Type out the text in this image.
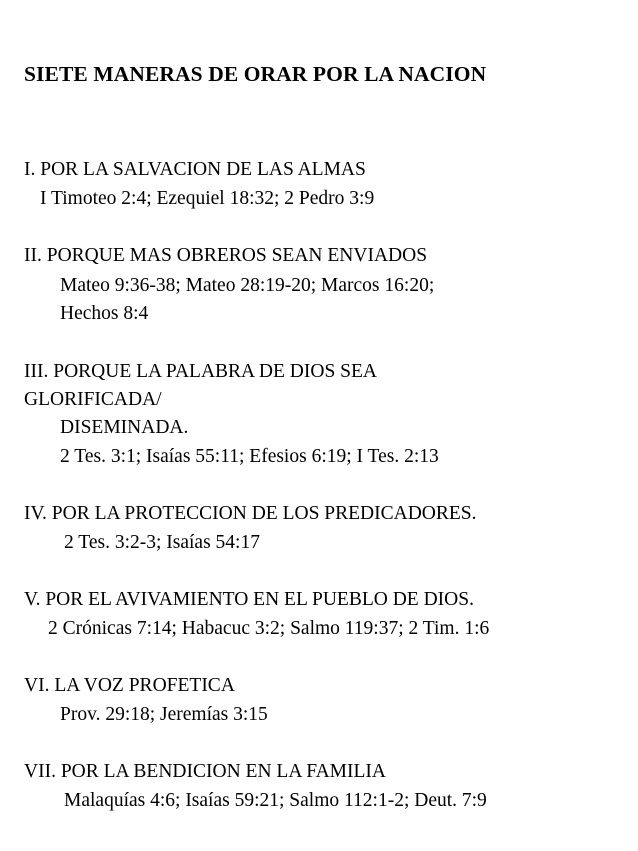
SIETE MANERAS DE ORAR POR LA NACION
I. POR LA SALVACION DE LAS ALMAS
I Timoteo 2:4; Ezequiel 18:32; 2 Pedro 3:9
II. PORQUE MAS OBREROS SEAN ENVIADOS
Mateo 9:36-38; Mateo 28:19-20; Marcos 16:20;
Hechos 8:4
III. PORQUE LA PALABRA DE DIOS SEA
GLORIFICADA/
DISEMINADA.
2 Tes. 3:1; Isaías 55:11; Efesios 6:19; I Tes. 2:13
IV. POR LA PROTECCION DE LOS PREDICADORES.
2 Tes. 3:2-3; Isaías 54:17
V. POR EL AVIVAMIENTO EN EL PUEBLO DE DIOS.
2 Crónicas 7:14; Habacuc 3:2; Salmo 119:37; 2 Tim. 1:6
VI. LA VOZ PROFETICA
Prov. 29:18; Jeremías 3:15
VII. POR LA BENDICION EN LA FAMILIA
Malaquías 4:6; Isaías 59:21; Salmo 112:1-2; Deut. 7:9
